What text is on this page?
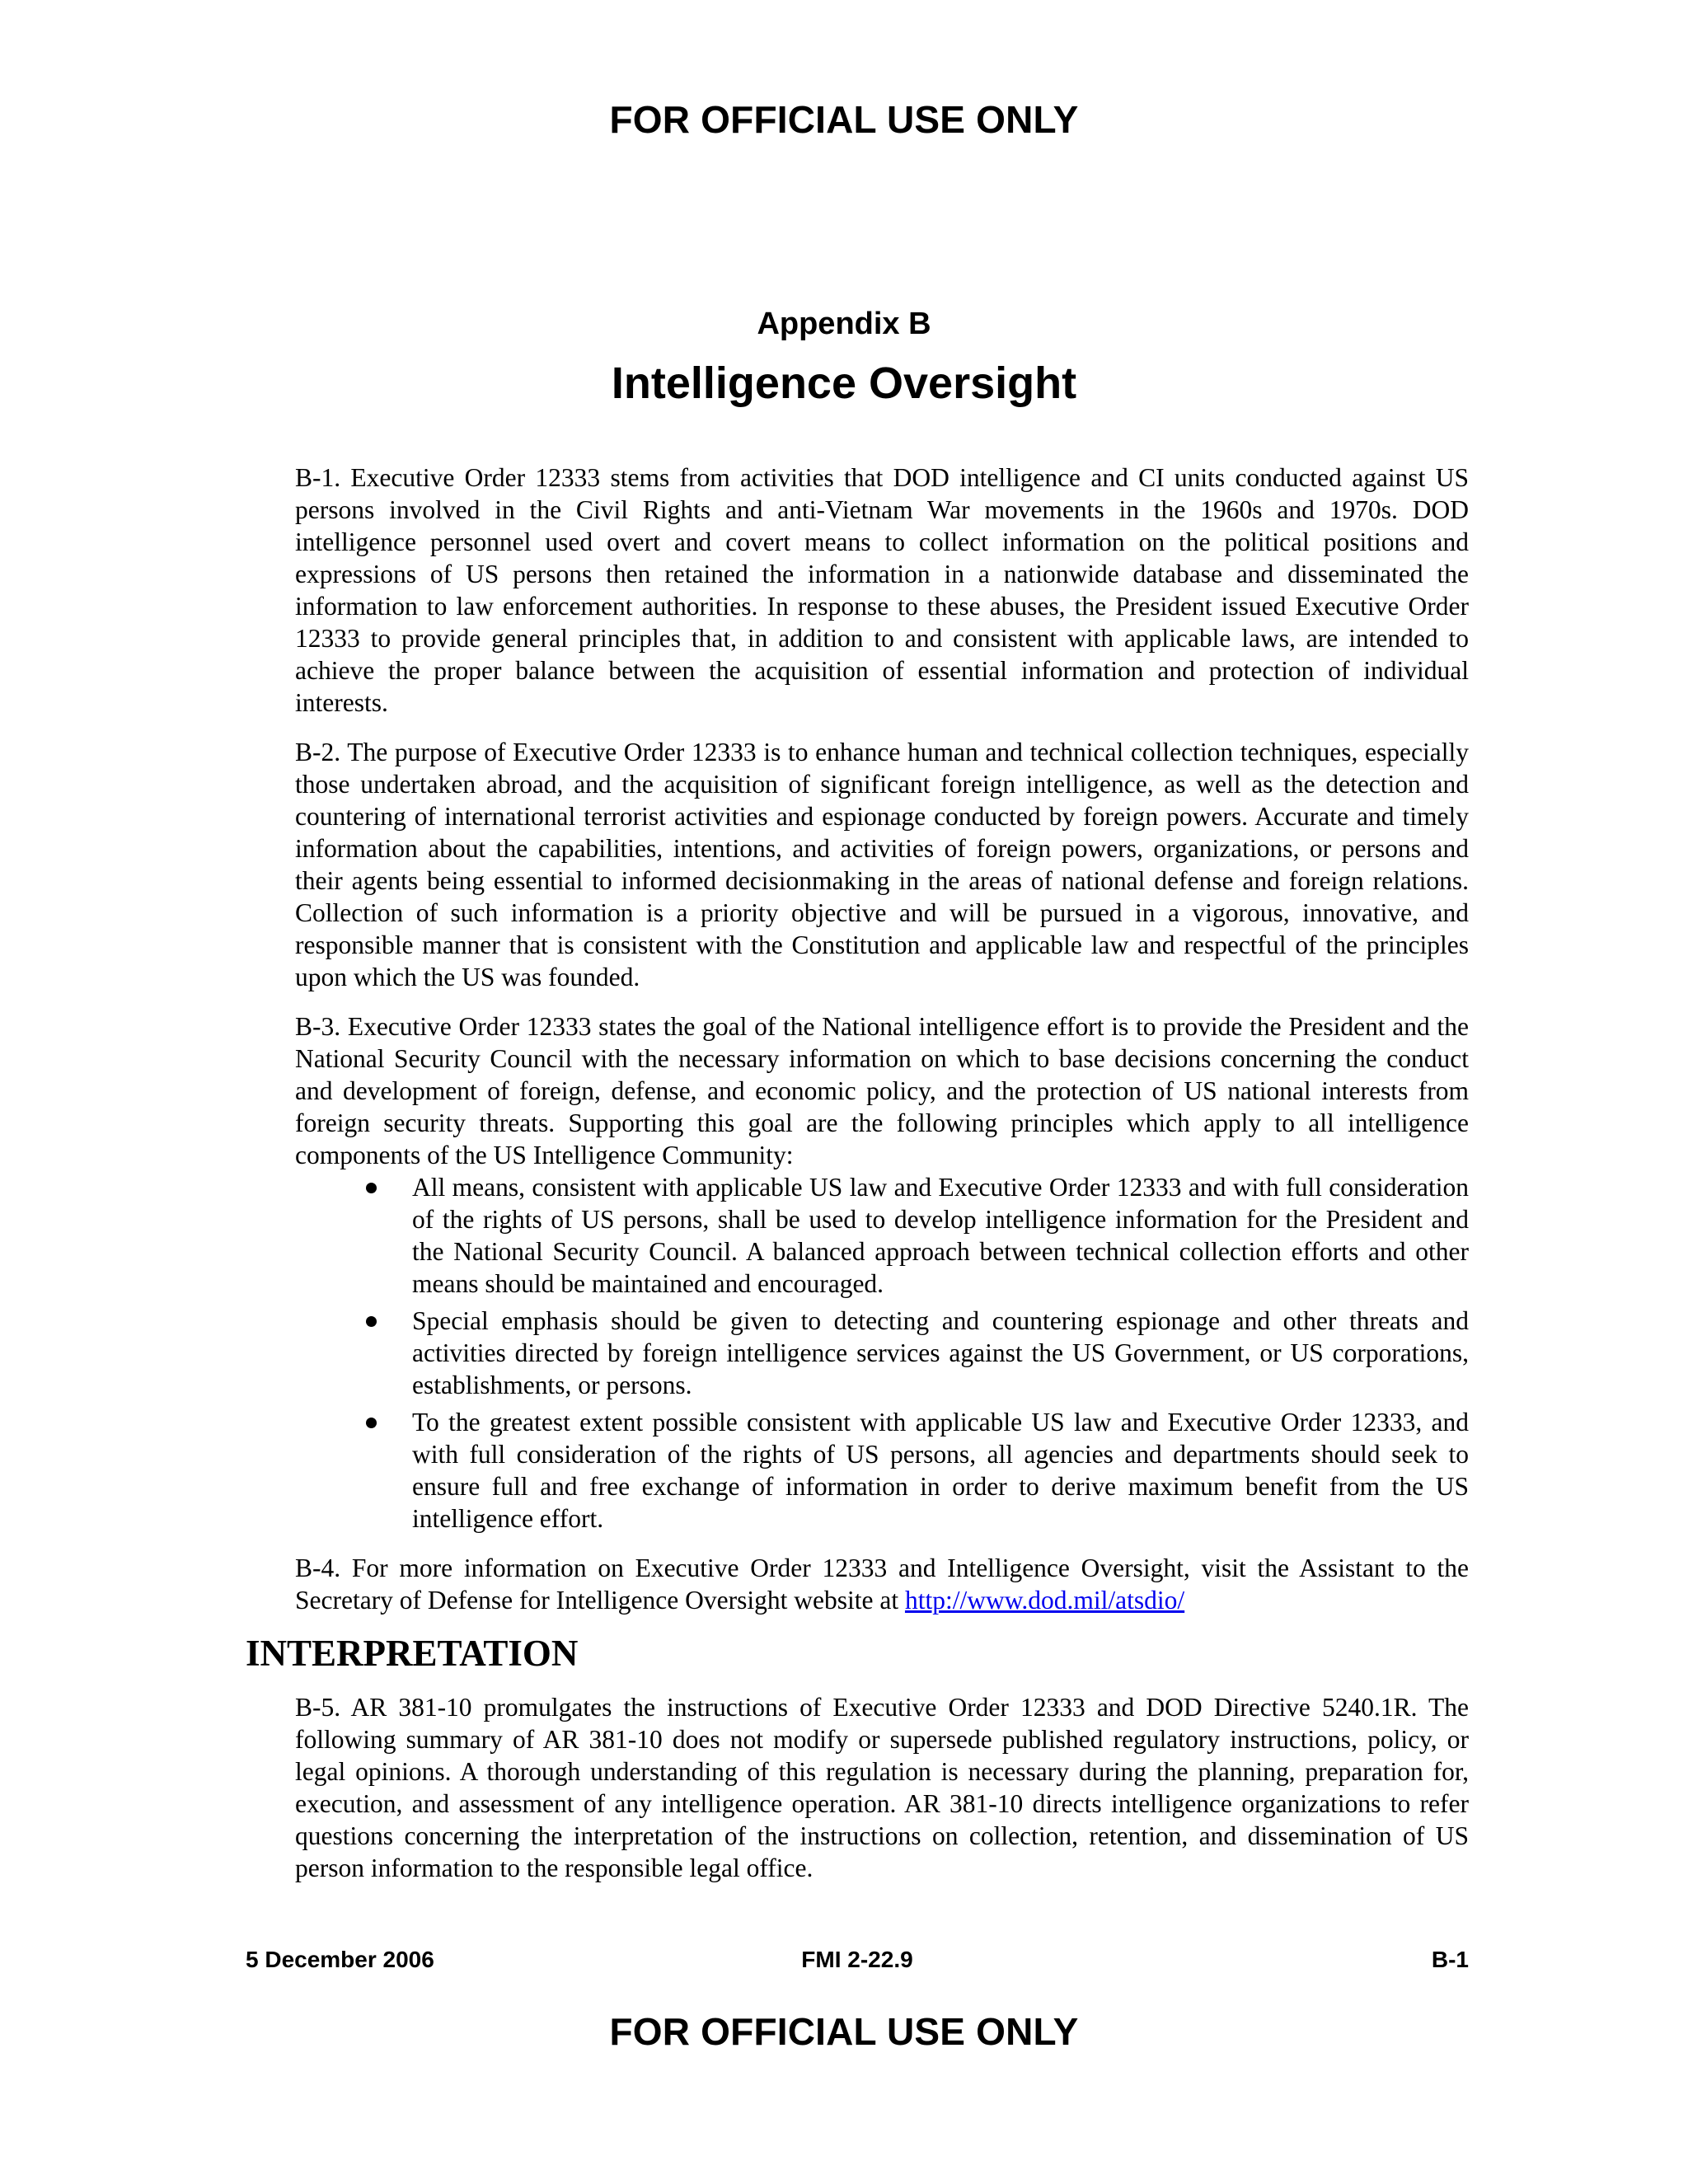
FOR OFFICIAL USE ONLY
Appendix B
Intelligence Oversight

B-1. Executive Order 12333 stems from activities that DOD intelligence and CI units conducted against US persons involved in the Civil Rights and anti-Vietnam War movements in the 1960s and 1970s. DOD intelligence personnel used overt and covert means to collect information on the political positions and expressions of US persons then retained the information in a nationwide database and disseminated the information to law enforcement authorities. In response to these abuses, the President issued Executive Order 12333 to provide general principles that, in addition to and consistent with applicable laws, are intended to achieve the proper balance between the acquisition of essential information and protection of individual interests.

B-2. The purpose of Executive Order 12333 is to enhance human and technical collection techniques, especially those undertaken abroad, and the acquisition of significant foreign intelligence, as well as the detection and countering of international terrorist activities and espionage conducted by foreign powers. Accurate and timely information about the capabilities, intentions, and activities of foreign powers, organizations, or persons and their agents being essential to informed decisionmaking in the areas of national defense and foreign relations. Collection of such information is a priority objective and will be pursued in a vigorous, innovative, and responsible manner that is consistent with the Constitution and applicable law and respectful of the principles upon which the US was founded.

B-3. Executive Order 12333 states the goal of the National intelligence effort is to provide the President and the National Security Council with the necessary information on which to base decisions concerning the conduct and development of foreign, defense, and economic policy, and the protection of US national interests from foreign security threats. Supporting this goal are the following principles which apply to all intelligence components of the US Intelligence Community:

All means, consistent with applicable US law and Executive Order 12333 and with full consideration of the rights of US persons, shall be used to develop intelligence information for the President and the National Security Council. A balanced approach between technical collection efforts and other means should be maintained and encouraged.
Special emphasis should be given to detecting and countering espionage and other threats and activities directed by foreign intelligence services against the US Government, or US corporations, establishments, or persons.
To the greatest extent possible consistent with applicable US law and Executive Order 12333, and with full consideration of the rights of US persons, all agencies and departments should seek to ensure full and free exchange of information in order to derive maximum benefit from the US intelligence effort.

B-4. For more information on Executive Order 12333 and Intelligence Oversight, visit the Assistant to the Secretary of Defense for Intelligence Oversight website at http://www.dod.mil/atsdio/

INTERPRETATION

B-5. AR 381-10 promulgates the instructions of Executive Order 12333 and DOD Directive 5240.1R. The following summary of AR 381-10 does not modify or supersede published regulatory instructions, policy, or legal opinions. A thorough understanding of this regulation is necessary during the planning, preparation for, execution, and assessment of any intelligence operation. AR 381-10 directs intelligence organizations to refer questions concerning the interpretation of the instructions on collection, retention, and dissemination of US person information to the responsible legal office.

5 December 2006	FMI 2-22.9	B-1
FOR OFFICIAL USE ONLY
